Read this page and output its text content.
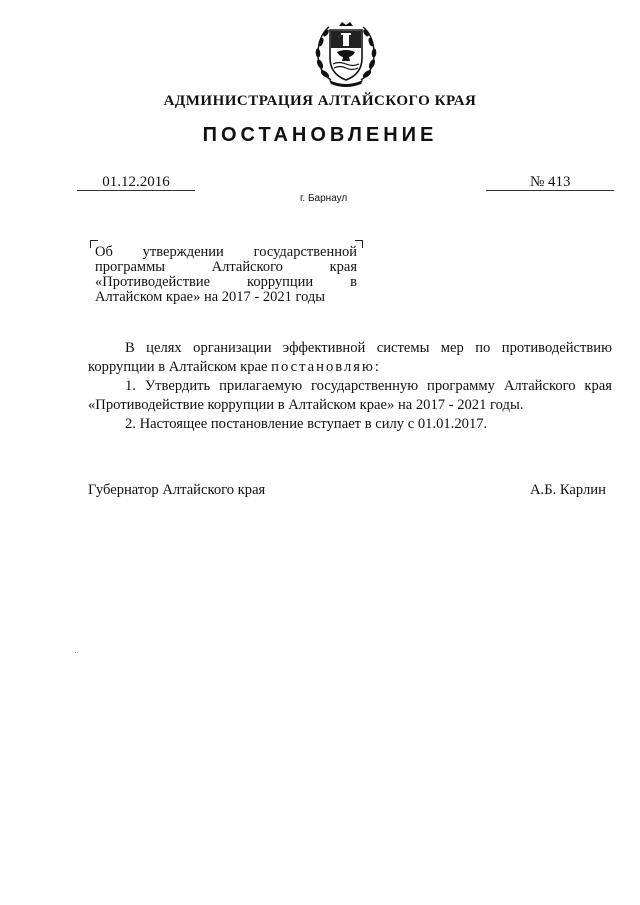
АДМИНИСТРАЦИЯ АЛТАЙСКОГО КРАЯ
ПОСТАНОВЛЕНИЕ
01.12.2016	№ 413
г. Барнаул
Об утверждении государственной программы Алтайского края «Противодействие коррупции в Алтайском крае» на 2017 - 2021 годы

В целях организации эффективной системы мер по противодействию коррупции в Алтайском крае постановляю:

1. Утвердить прилагаемую государственную программу Алтайского края «Противодействие коррупции в Алтайском крае» на 2017 - 2021 годы.

2. Настоящее постановление вступает в силу с 01.01.2017.

Губернатор Алтайского края	А.Б. Карлин
